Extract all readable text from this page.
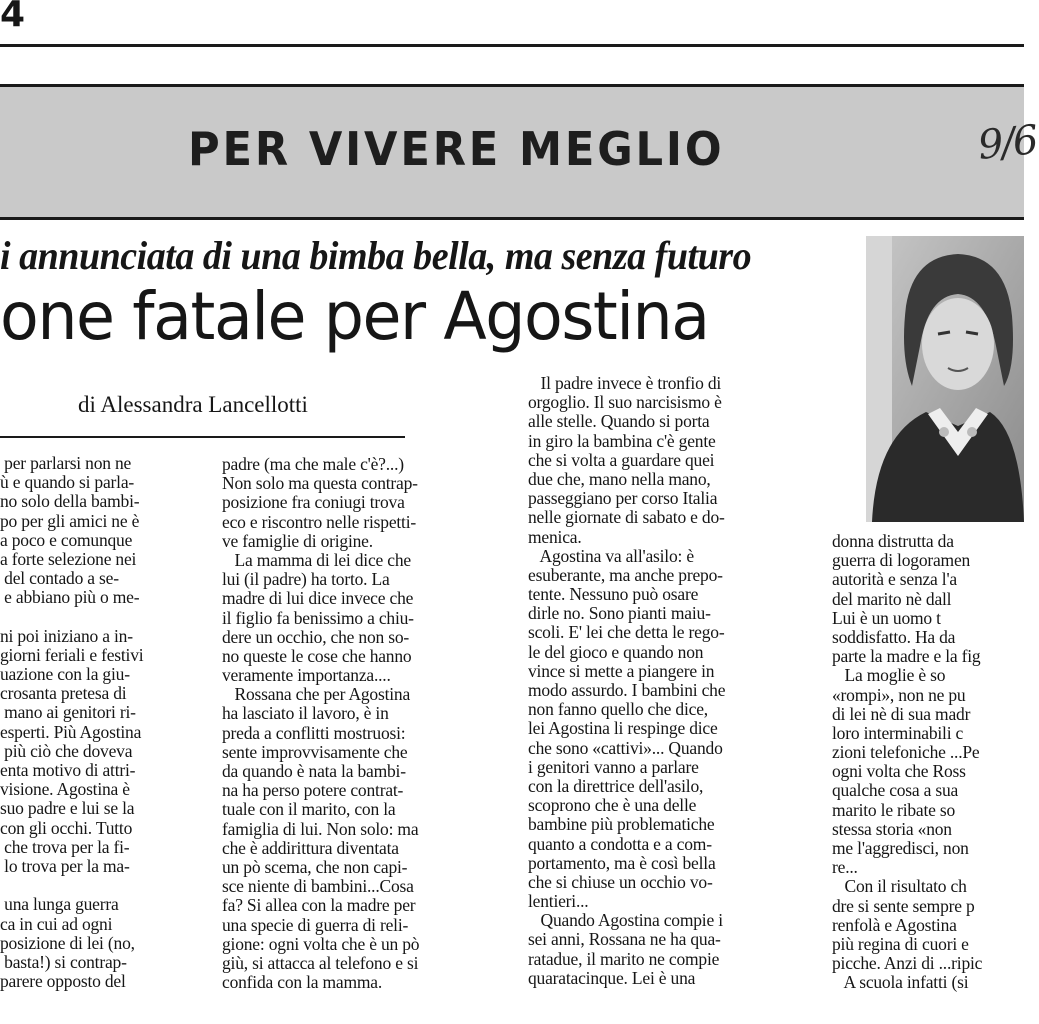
4
PER VIVERE MEGLIO	9/6
i annunciata di una bimba bella, ma senza futuro
one fatale per Agostina
di Alessandra Lancellotti
per parlarsi non ne
ù e quando si parla-
no solo della bambi-
po per gli amici ne è
a poco e comunque
a forte selezione nei
del contado a se-
e abbiano più o me-
ni poi iniziano a in-
giorni feriali e festivi
uazione con la giu-
crosanta pretesa di
mano ai genitori ri-
esperti. Più Agostina
più ciò che doveva
enta motivo di attri-
visione. Agostina è
suo padre e lui se la
con gli occhi. Tutto
che trova per la fi-
lo trova per la ma-
una lunga guerra
ca in cui ad ogni
posizione di lei (no,
basta!) si contrap-
parere opposto del
padre (ma che male c'è?...)
Non solo ma questa contrap-
posizione fra coniugi trova
eco e riscontro nelle rispetti-
ve famiglie di origine.
La mamma di lei dice che
lui (il padre) ha torto. La
madre di lui dice invece che
il figlio fa benissimo a chiu-
dere un occhio, che non so-
no queste le cose che hanno
veramente importanza....
Rossana che per Agostina
ha lasciato il lavoro, è in
preda a conflitti mostruosi:
sente improvvisamente che
da quando è nata la bambi-
na ha perso potere contrat-
tuale con il marito, con la
famiglia di lui. Non solo: ma
che è addirittura diventata
un pò scema, che non capi-
sce niente di bambini...Cosa
fa? Si allea con la madre per
una specie di guerra di reli-
gione: ogni volta che è un pò
giù, si attacca al telefono e si
confida con la mamma.
Il padre invece è tronfio di
orgoglio. Il suo narcisismo è
alle stelle. Quando si porta
in giro la bambina c'è gente
che si volta a guardare quei
due che, mano nella mano,
passeggiano per corso Italia
nelle giornate di sabato e do-
menica.
Agostina va all'asilo: è
esuberante, ma anche prepo-
tente. Nessuno può osare
dirle no. Sono pianti maiu-
scoli. E' lei che detta le rego-
le del gioco e quando non
vince si mette a piangere in
modo assurdo. I bambini che
non fanno quello che dice,
lei Agostina li respinge dice
che sono «cattivi»... Quando
i genitori vanno a parlare
con la direttrice dell'asilo,
scoprono che è una delle
bambine più problematiche
quanto a condotta e a com-
portamento, ma è così bella
che si chiuse un occhio vo-
lentieri...
Quando Agostina compie i
sei anni, Rossana ne ha qua-
ratadue, il marito ne compie
quaratacinque. Lei è una
donna distrutta da
guerra di logoramen
autorità e senza l'a
del marito nè dall
Lui è un uomo t
soddisfatto. Ha da
parte la madre e la fig
La moglie è so
«rompi», non ne pu
di lei nè di sua madr
loro interminabili c
zioni telefoniche ...Pe
ogni volta che Ross
qualche cosa a sua
marito le ribate so
stessa storia «non
me l'aggredisci, non
re...
Con il risultato ch
dre si sente sempre p
renfolà e Agostina
più regina di cuori e
picche. Anzi di ...ripic
A scuola infatti (si
